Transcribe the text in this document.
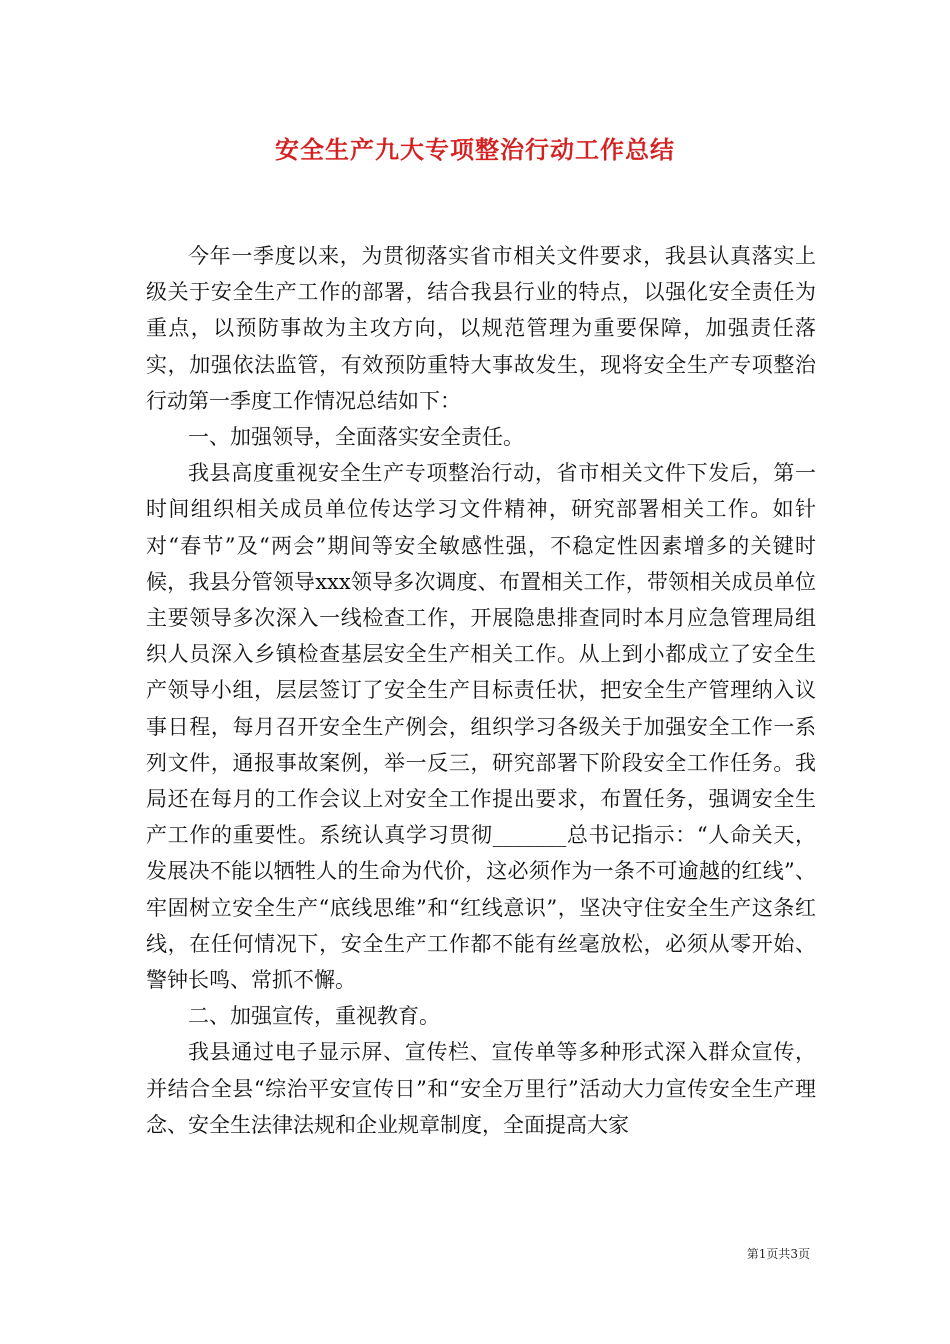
安全生产九大专项整治行动工作总结

今年一季度以来，为贯彻落实省市相关文件要求，我县认真落实上级关于安全生产工作的部署，结合我县行业的特点，以强化安全责任为重点，以预防事故为主攻方向，以规范管理为重要保障，加强责任落实，加强依法监管，有效预防重特大事故发生，现将安全生产专项整治行动第一季度工作情况总结如下：

一、加强领导，全面落实安全责任。

我县高度重视安全生产专项整治行动，省市相关文件下发后，第一时间组织相关成员单位传达学习文件精神，研究部署相关工作。如针对“春节”及“两会”期间等安全敏感性强，不稳定性因素增多的关键时候，我县分管领导xxx领导多次调度、布置相关工作，带领相关成员单位主要领导多次深入一线检查工作，开展隐患排查同时本月应急管理局组织人员深入乡镇检查基层安全生产相关工作。从上到小都成立了安全生产领导小组，层层签订了安全生产目标责任状，把安全生产管理纳入议事日程，每月召开安全生产例会，组织学习各级关于加强安全工作一系列文件，通报事故案例，举一反三，研究部署下阶段安全工作任务。我局还在每月的工作会议上对安全工作提出要求，布置任务，强调安全生产工作的重要性。系统认真学习贯彻_______总书记指示：“人命关天，发展决不能以牺牲人的生命为代价，这必须作为一条不可逾越的红线”、牢固树立安全生产“底线思维”和“红线意识”，坚决守住安全生产这条红线，在任何情况下，安全生产工作都不能有丝毫放松，必须从零开始、警钟长鸣、常抓不懈。

二、加强宣传，重视教育。

我县通过电子显示屏、宣传栏、宣传单等多种形式深入群众宣传，并结合全县“综治平安宣传日”和“安全万里行”活动大力宣传安全生产理念、安全生法律法规和企业规章制度，全面提高大家

第1页共3页
